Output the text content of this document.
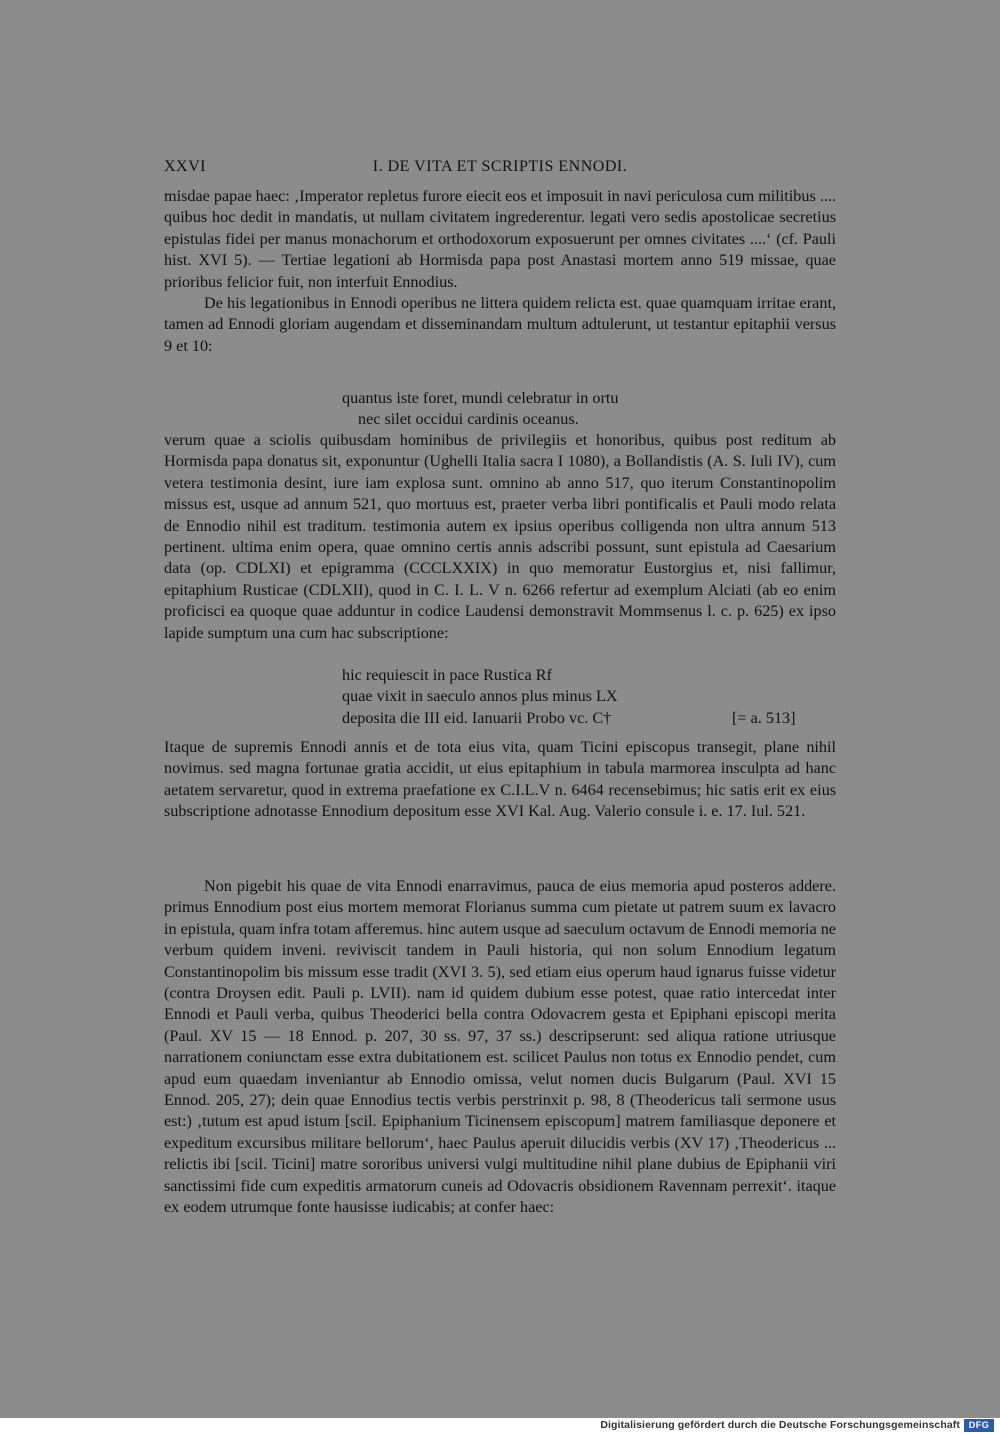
XXVI	I. DE VITA ET SCRIPTIS ENNODI.

misdae papae haec: ‚Imperator repletus furore eiecit eos et imposuit in navi periculosa cum militibus .... quibus hoc dedit in mandatis, ut nullam civitatem ingrederentur. legati vero sedis apostolicae secretius epistulas fidei per manus monachorum et orthodoxorum exposuerunt per omnes civitates ....‘ (cf. Pauli hist. XVI 5). — Tertiae legationi ab Hormisda papa post Anastasi mortem anno 519 missae, quae prioribus felicior fuit, non interfuit Ennodius.

De his legationibus in Ennodi operibus ne littera quidem relicta est. quae quamquam irritae erant, tamen ad Ennodi gloriam augendam et disseminandam multum adtulerunt, ut testantur epitaphii versus 9 et 10:

quantus iste foret, mundi celebratur in ortu
nec silet occidui cardinis oceanus.

verum quae a sciolis quibusdam hominibus de privilegiis et honoribus, quibus post reditum ab Hormisda papa donatus sit, exponuntur (Ughelli Italia sacra I 1080), a Bollandistis (A. S. Iuli IV), cum vetera testimonia desint, iure iam explosa sunt. omnino ab anno 517, quo iterum Constantinopolim missus est, usque ad annum 521, quo mortuus est, praeter verba libri pontificalis et Pauli modo relata de Ennodio nihil est traditum. testimonia autem ex ipsius operibus colligenda non ultra annum 513 pertinent. ultima enim opera, quae omnino certis annis adscribi possunt, sunt epistula ad Caesarium data (op. CDLXI) et epigramma (CCCLXXIX) in quo memoratur Eustorgius et, nisi fallimur, epitaphium Rusticae (CDLXII), quod in C. I. L. V n. 6266 refertur ad exemplum Alciati (ab eo enim proficisci ea quoque quae adduntur in codice Laudensi demonstravit Mommsenus l. c. p. 625) ex ipso lapide sumptum una cum hac subscriptione:

hic requiescit in pace Rustica Rf
quae vixit in saeculo annos plus minus LX
deposita die III eid. Ianuarii Probo vc. C†	[= a. 513]

Itaque de supremis Ennodi annis et de tota eius vita, quam Ticini episcopus transegit, plane nihil novimus. sed magna fortunae gratia accidit, ut eius epitaphium in tabula marmorea insculpta ad hanc aetatem servaretur, quod in extrema praefatione ex C.I.L.V n. 6464 recensebimus; hic satis erit ex eius subscriptione adnotasse Ennodium depositum esse XVI Kal. Aug. Valerio consule i. e. 17. Iul. 521.

Non pigebit his quae de vita Ennodi enarravimus, pauca de eius memoria apud posteros addere. primus Ennodium post eius mortem memorat Florianus summa cum pietate ut patrem suum ex lavacro in epistula, quam infra totam afferemus. hinc autem usque ad saeculum octavum de Ennodi memoria ne verbum quidem inveni. reviviscit tandem in Pauli historia, qui non solum Ennodium legatum Constantinopolim bis missum esse tradit (XVI 3. 5), sed etiam eius operum haud ignarus fuisse videtur (contra Droysen edit. Pauli p. LVII). nam id quidem dubium esse potest, quae ratio intercedat inter Ennodi et Pauli verba, quibus Theoderici bella contra Odovacrem gesta et Epiphani episcopi merita (Paul. XV 15 — 18 Ennod. p. 207, 30 ss. 97, 37 ss.) descripserunt: sed aliqua ratione utriusque narrationem coniunctam esse extra dubitationem est. scilicet Paulus non totus ex Ennodio pendet, cum apud eum quaedam inveniantur ab Ennodio omissa, velut nomen ducis Bulgarum (Paul. XVI 15 Ennod. 205, 27); dein quae Ennodius tectis verbis perstrinxit p. 98, 8 (Theodericus tali sermone usus est:) ‚tutum est apud istum [scil. Epiphanium Ticinensem episcopum] matrem familiasque deponere et expeditum excursibus militare bellorum‘, haec Paulus aperuit dilucidis verbis (XV 17) ‚Theodericus ... relictis ibi [scil. Ticini] matre sororibus universi vulgi multitudine nihil plane dubius de Epiphanii viri sanctissimi fide cum expeditis armatorum cuneis ad Odovacris obsidionem Ravennam perrexit‘. itaque ex eodem utrumque fonte hausisse iudicabis; at confer haec:

Digitalisierung gefördert durch die Deutsche Forschungsgemeinschaft DFG
